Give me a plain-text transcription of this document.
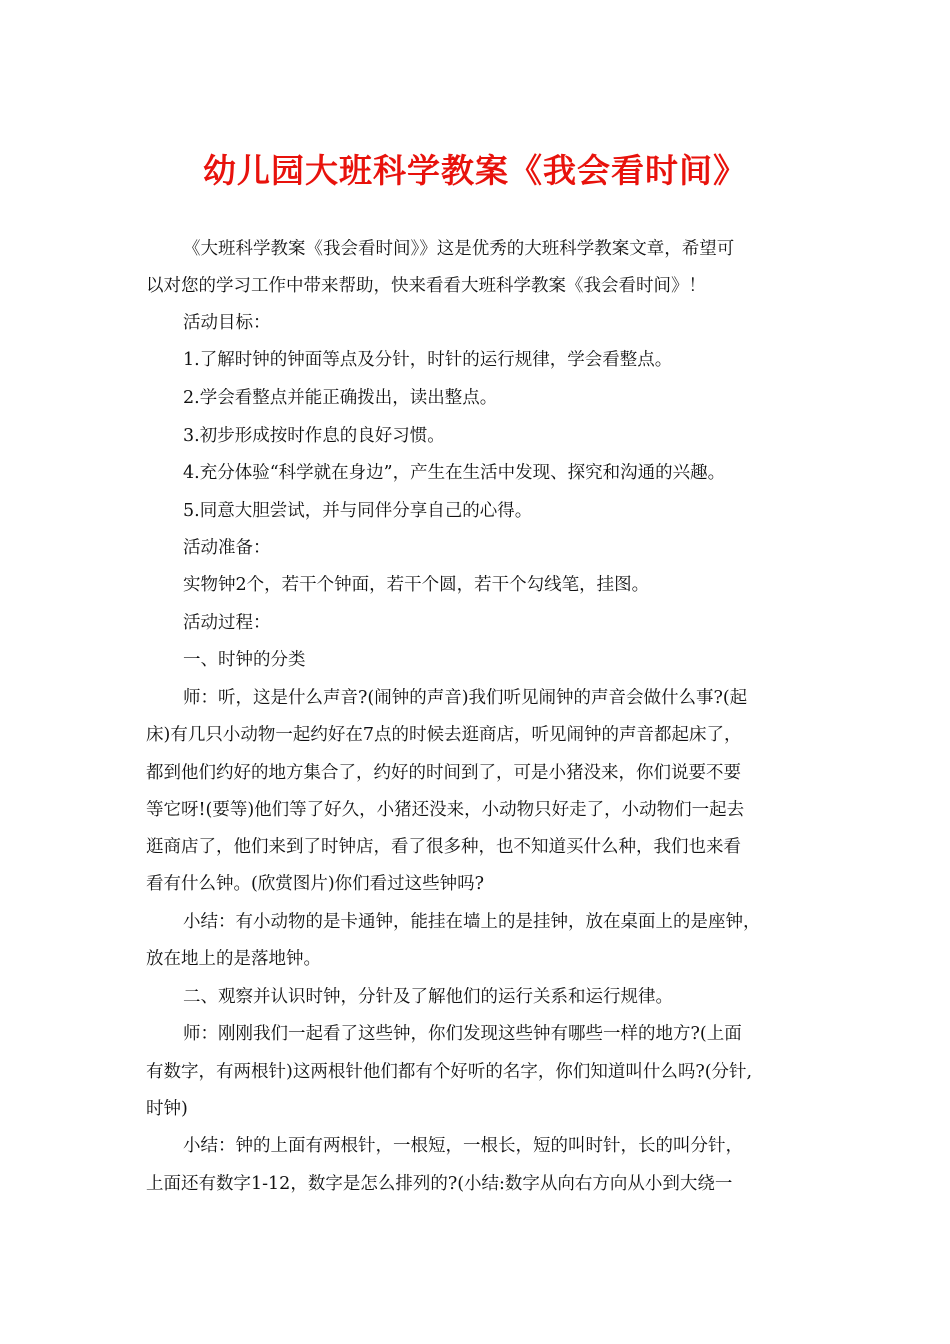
幼儿园大班科学教案《我会看时间》
《大班科学教案《我会看时间》》这是优秀的大班科学教案文章，希望可
以对您的学习工作中带来帮助，快来看看大班科学教案《我会看时间》！
活动目标：
1.了解时钟的钟面等点及分针，时针的运行规律，学会看整点。
2.学会看整点并能正确拨出，读出整点。
3.初步形成按时作息的良好习惯。
4.充分体验“科学就在身边”，产生在生活中发现、探究和沟通的兴趣。
5.同意大胆尝试，并与同伴分享自己的心得。
活动准备：
实物钟2个，若干个钟面，若干个圆，若干个勾线笔，挂图。
活动过程：
一、时钟的分类
师：听，这是什么声音?(闹钟的声音)我们听见闹钟的声音会做什么事?(起
床)有几只小动物一起约好在7点的时候去逛商店，听见闹钟的声音都起床了，
都到他们约好的地方集合了，约好的时间到了，可是小猪没来，你们说要不要
等它呀!(要等)他们等了好久，小猪还没来，小动物只好走了，小动物们一起去
逛商店了，他们来到了时钟店，看了很多种，也不知道买什么种，我们也来看
看有什么钟。(欣赏图片)你们看过这些钟吗?
小结：有小动物的是卡通钟，能挂在墙上的是挂钟，放在桌面上的是座钟，
放在地上的是落地钟。
二、观察并认识时钟，分针及了解他们的运行关系和运行规律。
师：刚刚我们一起看了这些钟，你们发现这些钟有哪些一样的地方?(上面
有数字，有两根针)这两根针他们都有个好听的名字，你们知道叫什么吗?(分针,
时钟)
小结：钟的上面有两根针，一根短，一根长，短的叫时针，长的叫分针，
上面还有数字1-12，数字是怎么排列的?(小结:数字从向右方向从小到大绕一
